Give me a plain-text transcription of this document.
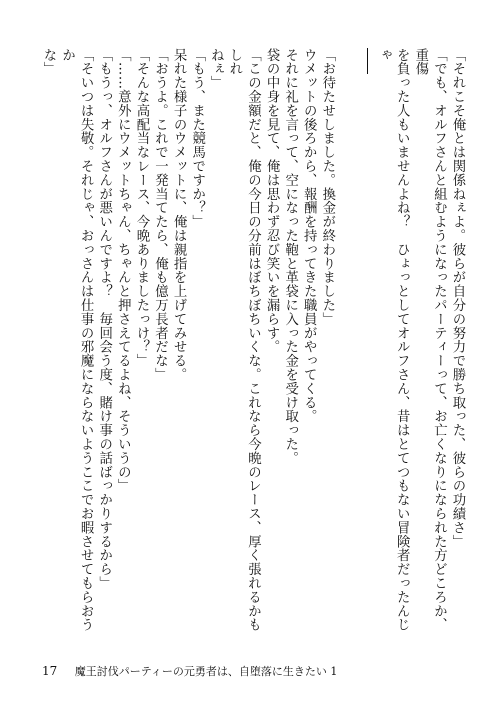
「それこそ俺とは関係ねぇよ。彼らが自分の努力で勝ち取った、彼らの功績さ」
「でも、オルフさんと組むようになったパーティーって、お亡くなりになられた方どころか、重傷
を負った人もいませんよね？　ひょっとしてオルフさん、昔はとてつもない冒険者だったんじゃ
「お待たせしました。換金が終わりました」
ウメットの後ろから、報酬を持ってきた職員がやってくる。
それに礼を言って、空になった鞄と革袋に入った金を受け取った。
袋の中身を見て、俺は思わず忍び笑いを漏らす。
「この金額だと、俺の今日の分前はぼちぼちいくな。これなら今晩のレース、厚く張れるかもしれ
ねぇ」
「もう、また競馬ですか？」
呆れた様子のウメットに、俺は親指を上げてみせる。
「おうよ。これで一発当てたら、俺も億万長者だな」
「そんな高配当なレース、今晩ありましたっけ？」
「……意外にウメットちゃん、ちゃんと押さえてるよね、そういうの」
「もうっ、オルフさんが悪いんですよ？　毎回会う度、賭け事の話ばっかりするから」
「そいつは失敬。それじゃ、おっさんは仕事の邪魔にならないようここでお暇させてもらおうか
な」
17 魔王討伐パーティーの元勇者は、自堕落に生きたい 1
